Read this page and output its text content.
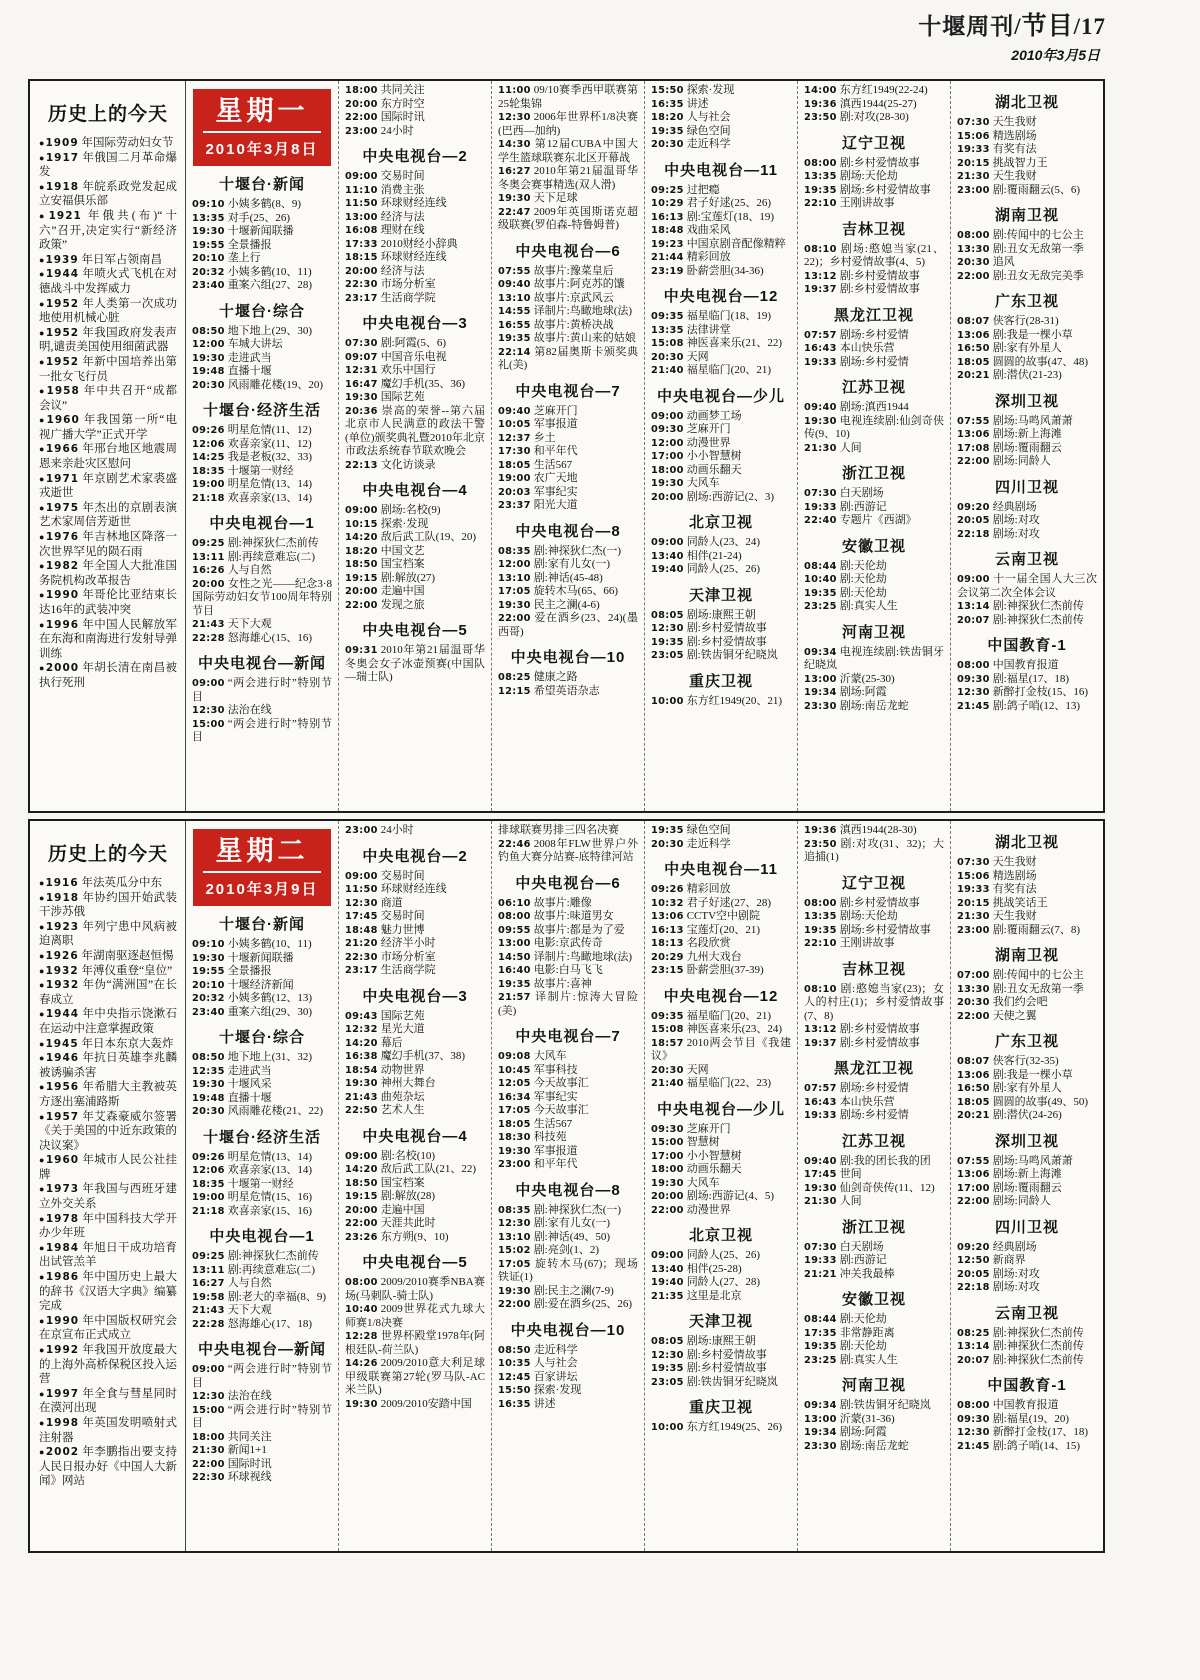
十堰周刊/节目/17
2010年3月5日
历史上的今天
●1909 年国际劳动妇女节
●1917 年俄国二月革命爆发
●1918 年皖系政党发起成立安福俱乐部
●1921 年俄共(布)“十六”召开,决定实行“新经济政策”
●1939 年日军占领南昌
●1944 年喷火式飞机在对德战斗中发挥威力
●1952 年人类第一次成功地使用机械心脏
●1952 年我国政府发表声明,谴责美国使用细菌武器
●1952 年新中国培养出第一批女飞行员
●1958 年中共召开“成都会议”
●1960 年我国第一所“电视广播大学”正式开学
●1966 年邢台地区地震周恩来亲赴灾区慰问
●1971 年京剧艺术家裘盛戎逝世
●1975 年杰出的京剧表演艺术家周信芳逝世
●1976 年吉林地区降落一次世界罕见的陨石雨
●1982 年全国人大批准国务院机构改革报告
●1990 年哥伦比亚结束长达16年的武装冲突
●1996 年中国人民解放军在东海和南海进行发射导弹训练
●2000 年胡长清在南昌被执行死刑
星期一
2010年3月8日
十堰台·新闻

09:10 小姨多鹤(8、9)

13:35 对手(25、26)

19:30 十堰新闻联播

19:55 全景播报

20:10 垄上行

20:32 小姨多鹤(10、11)

23:40 重案六组(27、28)

十堰台·综合

08:50 地下地上(29、30)

12:00 车城大讲坛

19:30 走进武当

19:48 直播十堰

20:30 风雨雕花楼(19、20)

十堰台·经济生活

09:26 明星危情(11、12)

12:06 欢喜亲家(11、12)

14:25 我是老板(32、33)

18:35 十堰第一财经

19:00 明星危情(13、14)

21:18 欢喜亲家(13、14)

中央电视台—1

09:25 剧:神探狄仁杰前传

13:11 剧:再续意难忘(二)

16:26 人与自然

20:00 女性之光——纪念3·8国际劳动妇女节100周年特别节目

21:43 天下大观

22:28 怒海雄心(15、16)

中央电视台—新闻

09:00 “两会进行时”特别节目

12:30 法治在线

15:00 “两会进行时”特别节目

18:00 共同关注

20:00 东方时空

22:00 国际时讯

23:00 24小时

中央电视台—2

09:00 交易时间

11:10 消费主张

11:50 环球财经连线

13:00 经济与法

16:08 理财在线

17:33 2010财经小辞典

18:15 环球财经连线

20:00 经济与法

22:30 市场分析室

23:17 生活商学院

中央电视台—3

07:30 剧:阿霞(5、6)

09:07 中国音乐电视

12:31 欢乐中国行

16:47 魔幻手机(35、36)

19:30 国际艺苑

20:36 崇高的荣誉--第六届北京市人民满意的政法干警(单位)颁奖典礼暨2010年北京市政法系统春节联欢晚会

22:13 文化访谈录

中央电视台—4

09:00 剧场:名校(9)

10:15 探索·发现

14:20 敌后武工队(19、20)

18:20 中国文艺

18:50 国宝档案

19:15 剧:解放(27)

20:00 走遍中国

22:00 发现之旅

中央电视台—5

09:31 2010年第21届温哥华冬奥会女子冰壶预赛(中国队—瑞士队)

11:00 09/10赛季西甲联赛第25轮集锦

12:30 2006年世界杯1/8决赛(巴西—加纳)

14:30 第12届CUBA中国大学生篮球联赛东北区开幕战

16:27 2010年第21届温哥华冬奥会赛事精选(双人滑)

19:30 天下足球

22:47 2009年英国斯诺克超级联赛(罗伯森-特鲁姆普)

中央电视台—6

07:55 故事片:豫菜皇后

09:40 故事片:阿克苏的馕

13:10 故事片:京武风云

14:55 译制片:鸟瞰地球(法)

16:55 故事片:黄桥决战

19:35 故事片:黄山来的姑娘

22:14 第82届奥斯卡颁奖典礼(美)

中央电视台—7

09:40 芝麻开门

10:05 军事报道

12:37 乡土

17:30 和平年代

18:05 生活567

19:00 农广天地

20:03 军事纪实

23:37 阳光大道

中央电视台—8

08:35 剧:神探狄仁杰(一)

12:00 剧:家有儿女(一)

13:10 剧:神话(45-48)

17:05 旋转木马(65、66)

19:30 民主之澜(4-6)

22:00 爱在酒乡(23、24)(墨西哥)

中央电视台—10

08:25 健康之路

12:15 希望英语杂志

15:50 探索·发现

16:35 讲述

18:20 人与社会

19:35 绿色空间

20:30 走近科学

中央电视台—11

09:25 过把瘾

10:29 君子好逑(25、26)

16:13 剧:宝莲灯(18、19)

18:48 戏曲采风

19:23 中国京剧音配像精粹

21:44 精彩回放

23:19 卧薪尝胆(34-36)

中央电视台—12

09:35 福星临门(18、19)

13:35 法律讲堂

15:08 神医喜来乐(21、22)

20:30 天网

21:40 福星临门(20、21)

中央电视台—少儿

09:00 动画梦工场

09:30 芝麻开门

12:00 动漫世界

17:00 小小智慧树

18:00 动画乐翻天

19:30 大风车

20:00 剧场:西游记(2、3)

北京卫视

09:00 同龄人(23、24)

13:40 相伴(21-24)

19:40 同龄人(25、26)

天津卫视

08:05 剧场:康熙王朝

12:30 剧:乡村爱情故事

19:35 剧:乡村爱情故事

23:05 剧:铁齿铜牙纪晓岚

重庆卫视

10:00 东方红1949(20、21)

14:00 东方红1949(22-24)

19:36 滇西1944(25-27)

23:50 剧:对攻(28-30)

辽宁卫视

08:00 剧:乡村爱情故事

13:35 剧场:天伦劫

19:35 剧场:乡村爱情故事

22:10 王刚讲故事

吉林卫视

08:10 剧场:憨媳当家(21、22)；乡村爱情故事(4、5)

13:12 剧:乡村爱情故事

19:37 剧:乡村爱情故事

黑龙江卫视

07:57 剧场:乡村爱情

16:43 本山快乐营

19:33 剧场:乡村爱情

江苏卫视

09:40 剧场:滇西1944

19:30 电视连续剧:仙剑奇侠传(9、10)

21:30 人间

浙江卫视

07:30 白天剧场

19:33 剧:西游记

22:40 专题片《西湖》

安徽卫视

08:44 剧:天伦劫

10:40 剧:天伦劫

19:35 剧:天伦劫

23:25 剧:真实人生

河南卫视

09:34 电视连续剧:铁齿铜牙纪晓岚

13:00 沂蒙(25-30)

19:34 剧场:阿霞

23:30 剧场:南岳龙蛇

湖北卫视

07:30 天生我财

15:06 精选剧场

19:33 有奖有法

20:15 挑战智力王

21:30 天生我财

23:00 剧:覆雨翻云(5、6)

湖南卫视

08:00 剧:传闻中的七公主

13:30 剧:丑女无敌第一季

20:30 追风

22:00 剧:丑女无敌完美季

广东卫视

08:07 侠客行(28-31)

13:06 剧:我是一棵小草

16:50 剧:家有外星人

18:05 圆圆的故事(47、48)

20:21 剧:潜伏(21-23)

深圳卫视

07:55 剧场:马鸣风萧萧

13:06 剧场:新上海滩

17:08 剧场:覆雨翻云

22:00 剧场:同龄人

四川卫视

09:20 经典剧场

20:05 剧场:对攻

22:18 剧场:对攻

云南卫视

09:00 十一届全国人大三次会议第二次全体会议

13:14 剧:神探狄仁杰前传

20:07 剧:神探狄仁杰前传

中国教育-1

08:00 中国教育报道

09:30 剧:福星(17、18)

12:30 新醉打金枝(15、16)

21:45 剧:鸽子哨(12、13)

历史上的今天
●1916 年法英瓜分中东
●1918 年协约国开始武装干涉苏俄
●1923 年列宁患中风病被迫离职
●1926 年湖南驱逐赵恒惕
●1932 年溥仪重登“皇位”
●1932 年伪“满洲国”在长春成立
●1944 年中央指示饶漱石在运动中注意掌握政策
●1945 年日本东京大轰炸
●1946 年抗日英雄李兆麟被诱骗杀害
●1956 年希腊大主教被英方逐出塞浦路斯
●1957 年艾森豪威尔签署《关于美国的中近东政策的决议案》
●1960 年城市人民公社挂牌
●1973 年我国与西班牙建立外交关系
●1978 年中国科技大学开办少年班
●1984 年旭日干成功培育出试管羔羊
●1986 年中国历史上最大的辞书《汉语大字典》编纂完成
●1990 年中国版权研究会在京宣布正式成立
●1992 年我国开放度最大的上海外高桥保税区投入运营
●1997 年全食与彗星同时在漠河出现
●1998 年英国发明喷射式注射器
●2002 年李鹏指出要支持人民日报办好《中国人大新闻》网站
星期二
2010年3月9日
十堰台·新闻

09:10 小姨多鹤(10、11)

19:30 十堰新闻联播

19:55 全景播报

20:10 十堰经济新闻

20:32 小姨多鹤(12、13)

23:40 重案六组(29、30)

十堰台·综合

08:50 地下地上(31、32)

12:35 走进武当

19:30 十堰风采

19:48 直播十堰

20:30 风雨雕花楼(21、22)

十堰台·经济生活

09:26 明星危情(13、14)

12:06 欢喜亲家(13、14)

18:35 十堰第一财经

19:00 明星危情(15、16)

21:18 欢喜亲家(15、16)

中央电视台—1

09:25 剧:神探狄仁杰前传

13:11 剧:再续意难忘(二)

16:27 人与自然

19:58 剧:老大的幸福(8、9)

21:43 天下大观

22:28 怒海雄心(17、18)

中央电视台—新闻

09:00 “两会进行时”特别节目

12:30 法治在线

15:00 “两会进行时”特别节目

18:00 共同关注

21:30 新闻1+1

22:00 国际时讯

22:30 环球视线

23:00 24小时

中央电视台—2

09:00 交易时间

11:50 环球财经连线

12:30 商道

17:45 交易时间

18:48 魅力世博

21:20 经济半小时

22:30 市场分析室

23:17 生活商学院

中央电视台—3

09:43 国际艺苑

12:32 星光大道

14:20 幕后

16:38 魔幻手机(37、38)

18:54 动物世界

19:30 神州大舞台

21:43 曲苑杂坛

22:50 艺术人生

中央电视台—4

09:00 剧:名校(10)

14:20 敌后武工队(21、22)

18:50 国宝档案

19:15 剧:解放(28)

20:00 走遍中国

22:00 天涯共此时

23:26 东方朔(9、10)

中央电视台—5

08:00 2009/2010赛季NBA赛场(马刺队-骑士队)

10:40 2009世界花式九球大师赛1/8决赛

12:28 世界杯殿堂1978年(阿根廷队-荷兰队)

14:26 2009/2010意大利足球甲级联赛第27轮(罗马队-AC米兰队)

19:30 2009/2010安踏中国

排球联赛男排三四名决赛

22:46 2008年FLW世界户外钓鱼大赛分站赛-底特律河站

中央电视台—6

06:10 故事片:雕像

08:00 故事片:味道男女

09:55 故事片:都是为了爱

13:00 电影:京武传奇

14:50 译制片:鸟瞰地球(法)

16:40 电影:白马飞飞

19:35 故事片:喜神

21:57 译制片:惊涛大冒险(美)

中央电视台—7

09:08 大风车

10:45 军事科技

12:05 今天故事汇

16:34 军事纪实

17:05 今天故事汇

18:05 生活567

18:30 科技苑

19:30 军事报道

23:00 和平年代

中央电视台—8

08:35 剧:神探狄仁杰(一)

12:30 剧:家有儿女(一)

13:10 剧:神话(49、50)

15:02 剧:亮剑(1、2)

17:05 旋转木马(67)；现场铁证(1)

19:30 剧:民主之澜(7-9)

22:00 剧:爱在酒乡(25、26)

中央电视台—10

08:50 走近科学

10:35 人与社会

12:45 百家讲坛

15:50 探索·发现

16:35 讲述

19:35 绿色空间

20:30 走近科学

中央电视台—11

09:26 精彩回放

10:32 君子好逑(27、28)

13:06 CCTV空中剧院

16:13 宝莲灯(20、21)

18:13 名段欣赏

20:29 九州大戏台

23:15 卧薪尝胆(37-39)

中央电视台—12

09:35 福星临门(20、21)

15:08 神医喜来乐(23、24)

18:57 2010两会节目《我建议》

20:30 天网

21:40 福星临门(22、23)

中央电视台—少儿

09:30 芝麻开门

15:00 智慧树

17:00 小小智慧树

18:00 动画乐翻天

19:30 大风车

20:00 剧场:西游记(4、5)

22:00 动漫世界

北京卫视

09:00 同龄人(25、26)

13:40 相伴(25-28)

19:40 同龄人(27、28)

21:35 这里是北京

天津卫视

08:05 剧场:康熙王朝

12:30 剧:乡村爱情故事

19:35 剧:乡村爱情故事

23:05 剧:铁齿铜牙纪晓岚

重庆卫视

10:00 东方红1949(25、26)

19:36 滇西1944(28-30)

23:50 剧:对攻(31、32)；大追捕(1)

辽宁卫视

08:00 剧:乡村爱情故事

13:35 剧场:天伦劫

19:35 剧场:乡村爱情故事

22:10 王刚讲故事

吉林卫视

08:10 剧:憨媳当家(23)；女人的村庄(1)；乡村爱情故事(7、8)

13:12 剧:乡村爱情故事

19:37 剧:乡村爱情故事

黑龙江卫视

07:57 剧场:乡村爱情

16:43 本山快乐营

19:33 剧场:乡村爱情

江苏卫视

09:40 剧:我的团长我的团

17:45 世间

19:30 仙剑奇侠传(11、12)

21:30 人间

浙江卫视

07:30 白天剧场

19:33 剧:西游记

21:21 冲关我最棒

安徽卫视

08:44 剧:天伦劫

17:35 非常静距离

19:35 剧:天伦劫

23:25 剧:真实人生

河南卫视

09:34 剧:铁齿铜牙纪晓岚

13:00 沂蒙(31-36)

19:34 剧场:阿霞

23:30 剧场:南岳龙蛇

湖北卫视

07:30 天生我财

15:06 精选剧场

19:33 有奖有法

20:15 挑战笑话王

21:30 天生我财

23:00 剧:覆雨翻云(7、8)

湖南卫视

07:00 剧:传闻中的七公主

13:30 剧:丑女无敌第一季

20:30 我们约会吧

22:00 天使之翼

广东卫视

08:07 侠客行(32-35)

13:06 剧:我是一棵小草

16:50 剧:家有外星人

18:05 圆圆的故事(49、50)

20:21 剧:潜伏(24-26)

深圳卫视

07:55 剧场:马鸣风萧萧

13:06 剧场:新上海滩

17:00 剧场:覆雨翻云

22:00 剧场:同龄人

四川卫视

09:20 经典剧场

12:50 新商界

20:05 剧场:对攻

22:18 剧场:对攻

云南卫视

08:25 剧:神探狄仁杰前传

13:14 剧:神探狄仁杰前传

20:07 剧:神探狄仁杰前传

中国教育-1

08:00 中国教育报道

09:30 剧:福星(19、20)

12:30 新醉打金枝(17、18)

21:45 剧:鸽子哨(14、15)
